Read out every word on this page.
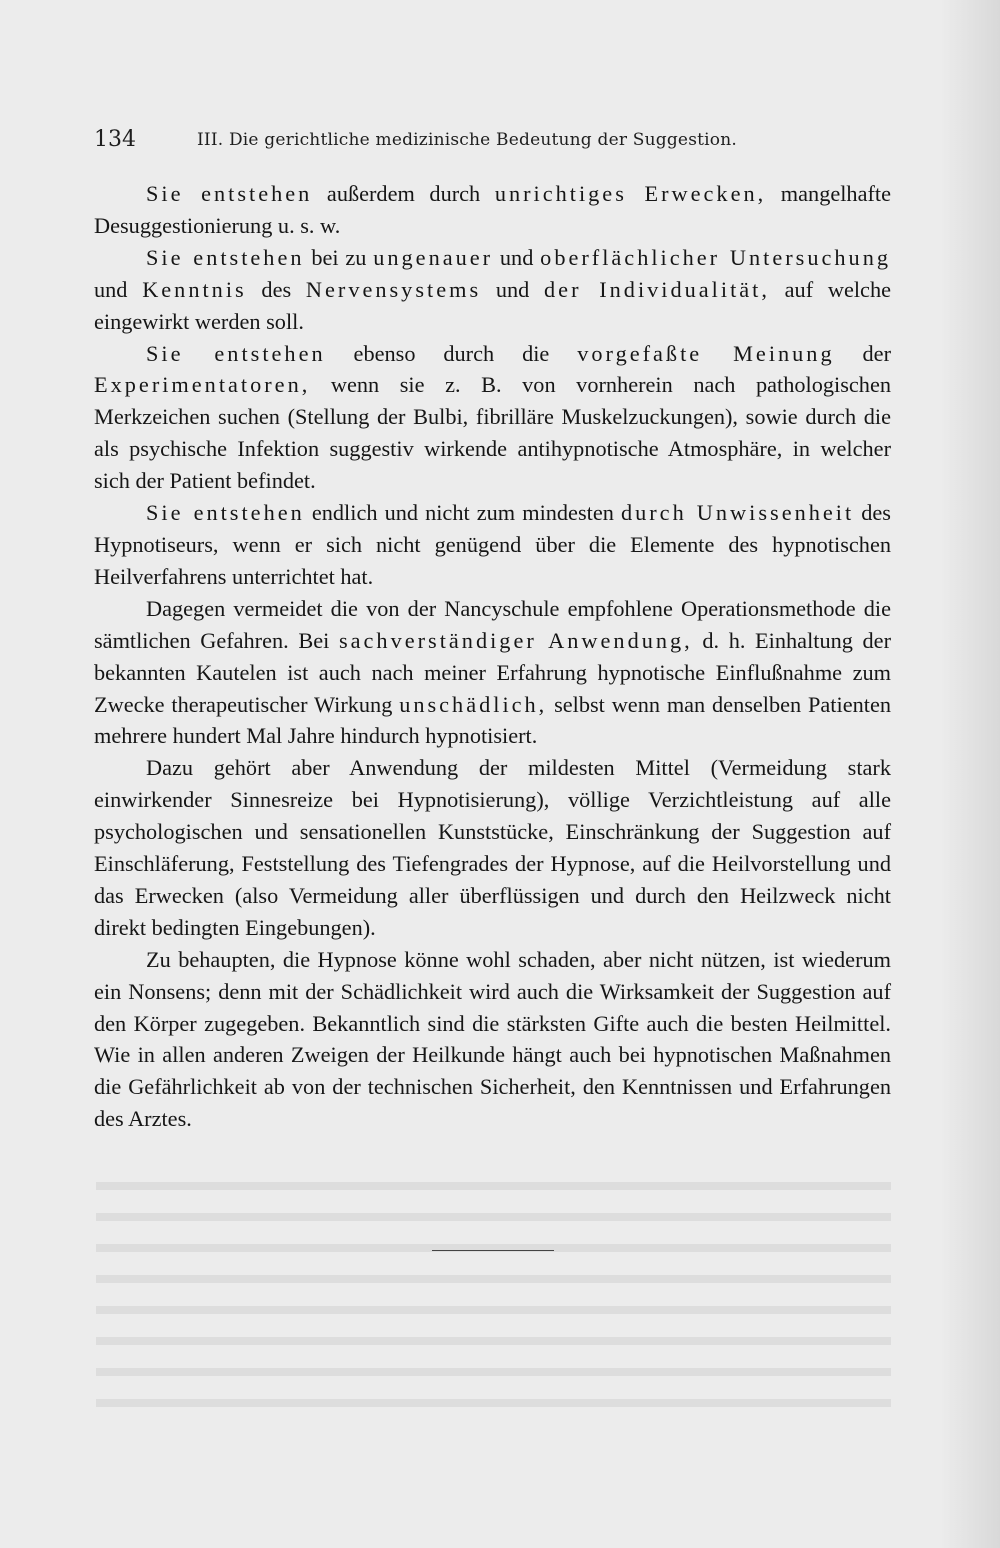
134	III. Die gerichtliche medizinische Bedeutung der Suggestion.

Sie entstehen außerdem durch unrichtiges Erwecken, mangelhafte Desuggestionierung u. s. w.

Sie entstehen bei zu ungenauer und oberflächlicher Untersuchung und Kenntnis des Nervensystems und der Individualität, auf welche eingewirkt werden soll.

Sie entstehen ebenso durch die vorgefaßte Meinung der Experimentatoren, wenn sie z. B. von vornherein nach pathologischen Merkzeichen suchen (Stellung der Bulbi, fibrilläre Muskelzuckungen), sowie durch die als psychische Infektion suggestiv wirkende antihypnotische Atmosphäre, in welcher sich der Patient befindet.

Sie entstehen endlich und nicht zum mindesten durch Unwissenheit des Hypnotiseurs, wenn er sich nicht genügend über die Elemente des hypnotischen Heilverfahrens unterrichtet hat.

Dagegen vermeidet die von der Nancyschule empfohlene Operationsmethode die sämtlichen Gefahren. Bei sachverständiger Anwendung, d. h. Einhaltung der bekannten Kautelen ist auch nach meiner Erfahrung hypnotische Einflußnahme zum Zwecke therapeutischer Wirkung unschädlich, selbst wenn man denselben Patienten mehrere hundert Mal Jahre hindurch hypnotisiert.

Dazu gehört aber Anwendung der mildesten Mittel (Vermeidung stark einwirkender Sinnesreize bei Hypnotisierung), völlige Verzichtleistung auf alle psychologischen und sensationellen Kunststücke, Einschränkung der Suggestion auf Einschläferung, Feststellung des Tiefengrades der Hypnose, auf die Heilvorstellung und das Erwecken (also Vermeidung aller überflüssigen und durch den Heilzweck nicht direkt bedingten Eingebungen).

Zu behaupten, die Hypnose könne wohl schaden, aber nicht nützen, ist wiederum ein Nonsens; denn mit der Schädlichkeit wird auch die Wirksamkeit der Suggestion auf den Körper zugegeben. Bekanntlich sind die stärksten Gifte auch die besten Heilmittel. Wie in allen anderen Zweigen der Heilkunde hängt auch bei hypnotischen Maßnahmen die Gefährlichkeit ab von der technischen Sicherheit, den Kenntnissen und Erfahrungen des Arztes.
